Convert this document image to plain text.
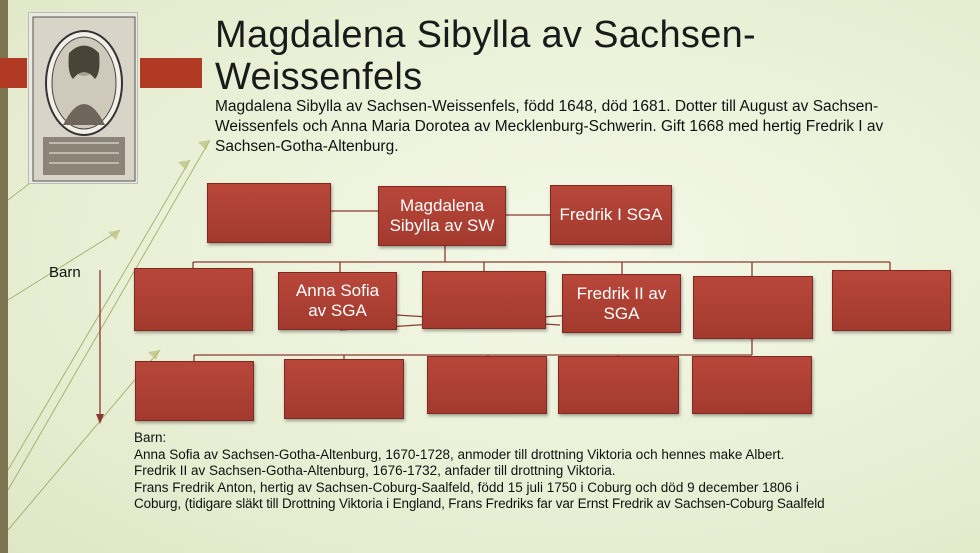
Magdalena Sibylla av Sachsen-Weissenfels
Magdalena Sibylla av Sachsen-Weissenfels, född 1648, död 1681. Dotter till August av Sachsen-Weissenfels och Anna Maria Dorotea av Mecklenburg-Schwerin. Gift 1668 med hertig Fredrik I av Sachsen-Gotha-Altenburg.
Barn
Magdalena Sibylla av SW
Fredrik I SGA
Anna Sofia av SGA
Fredrik II av SGA
Barn:
Anna Sofia av Sachsen-Gotha-Altenburg, 1670-1728, anmoder till drottning Viktoria och hennes make Albert.
Fredrik II av Sachsen-Gotha-Altenburg, 1676-1732, anfader till drottning Viktoria.
Frans Fredrik Anton, hertig av Sachsen-Coburg-Saalfeld, född 15 juli 1750 i Coburg och död 9 december 1806 i
Coburg, (tidigare släkt till Drottning Viktoria i England, Frans Fredriks far var Ernst Fredrik av Sachsen-Coburg Saalfeld
